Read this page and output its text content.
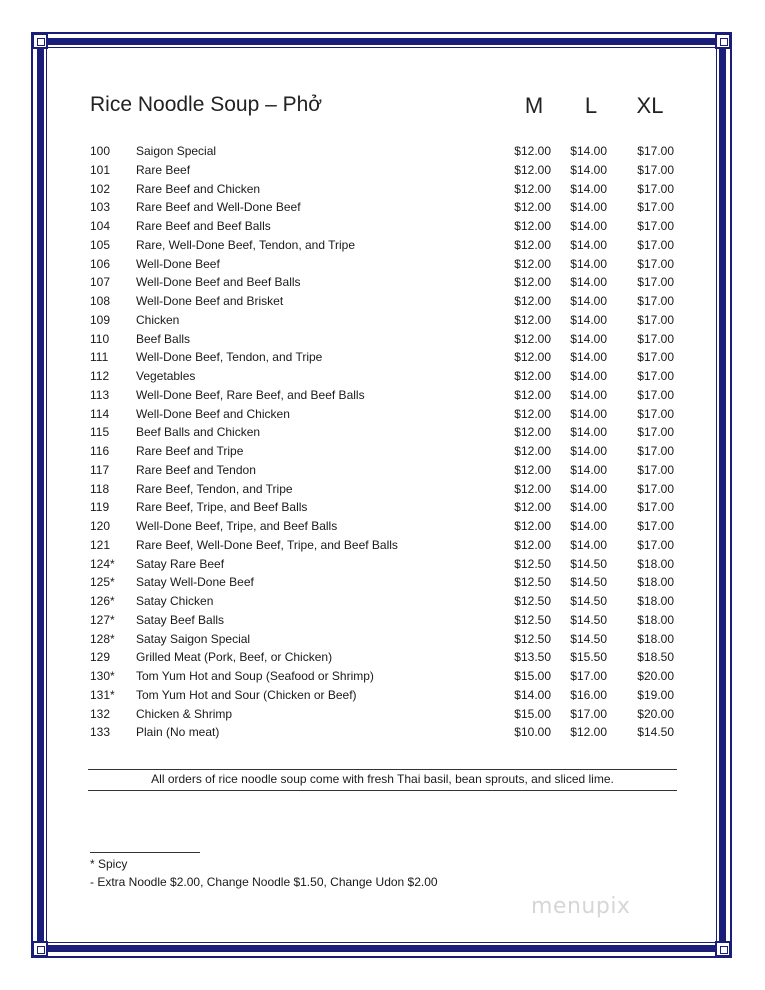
Rice Noodle Soup – Phở	M	L	XL
100 Saigon Special	$12.00 $14.00	$17.00
101 Rare Beef	$12.00 $14.00	$17.00
102 Rare Beef and Chicken	$12.00 $14.00	$17.00
103 Rare Beef and Well-Done Beef	$12.00 $14.00	$17.00
104 Rare Beef and Beef Balls	$12.00 $14.00	$17.00
105 Rare, Well-Done Beef, Tendon, and Tripe	$12.00 $14.00	$17.00
106 Well-Done Beef	$12.00 $14.00	$17.00
107 Well-Done Beef and Beef Balls	$12.00 $14.00	$17.00
108 Well-Done Beef and Brisket	$12.00 $14.00	$17.00
109 Chicken	$12.00 $14.00	$17.00
110 Beef Balls	$12.00 $14.00	$17.00
111 Well-Done Beef, Tendon, and Tripe	$12.00 $14.00	$17.00
112 Vegetables	$12.00 $14.00	$17.00
113 Well-Done Beef, Rare Beef, and Beef Balls	$12.00 $14.00	$17.00
114 Well-Done Beef and Chicken	$12.00 $14.00	$17.00
115 Beef Balls and Chicken	$12.00 $14.00	$17.00
116 Rare Beef and Tripe	$12.00 $14.00	$17.00
117 Rare Beef and Tendon	$12.00 $14.00	$17.00
118 Rare Beef, Tendon, and Tripe	$12.00 $14.00	$17.00
119 Rare Beef, Tripe, and Beef Balls	$12.00 $14.00	$17.00
120 Well-Done Beef, Tripe, and Beef Balls	$12.00 $14.00	$17.00
121 Rare Beef, Well-Done Beef, Tripe, and Beef Balls	$12.00 $14.00	$17.00
124* Satay Rare Beef	$12.50 $14.50	$18.00
125* Satay Well-Done Beef	$12.50 $14.50	$18.00
126* Satay Chicken	$12.50 $14.50	$18.00
127* Satay Beef Balls	$12.50 $14.50	$18.00
128* Satay Saigon Special	$12.50 $14.50	$18.00
129 Grilled Meat (Pork, Beef, or Chicken)	$13.50 $15.50	$18.50
130* Tom Yum Hot and Soup (Seafood or Shrimp)	$15.00 $17.00	$20.00
131* Tom Yum Hot and Sour (Chicken or Beef)	$14.00 $16.00	$19.00
132 Chicken & Shrimp	$15.00 $17.00	$20.00
133 Plain (No meat)	$10.00 $12.00	$14.50
All orders of rice noodle soup come with fresh Thai basil, bean sprouts, and sliced lime.
* Spicy
- Extra Noodle $2.00, Change Noodle $1.50, Change Udon $2.00
menupix
